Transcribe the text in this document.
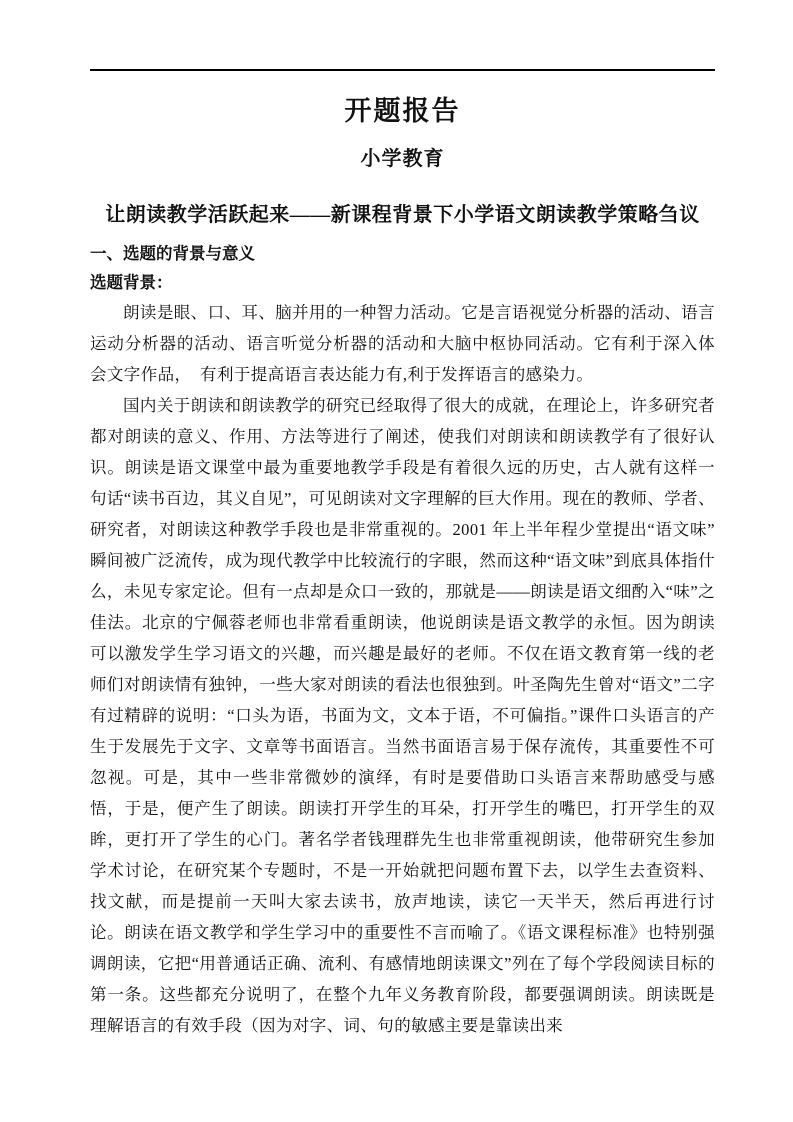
开题报告
小学教育
让朗读教学活跃起来——新课程背景下小学语文朗读教学策略刍议
一、选题的背景与意义
选题背景：

朗读是眼、口、耳、脑并用的一种智力活动。它是言语视觉分析器的活动、语言运动分析器的活动、语言听觉分析器的活动和大脑中枢协同活动。它有利于深入体会文字作品，　有利于提高语言表达能力有,利于发挥语言的感染力。

国内关于朗读和朗读教学的研究已经取得了很大的成就，在理论上，许多研究者都对朗读的意义、作用、方法等进行了阐述，使我们对朗读和朗读教学有了很好认识。朗读是语文课堂中最为重要地教学手段是有着很久远的历史，古人就有这样一句话“读书百边，其义自见”，可见朗读对文字理解的巨大作用。现在的教师、学者、研究者，对朗读这种教学手段也是非常重视的。2001 年上半年程少堂提出“语文味”瞬间被广泛流传，成为现代教学中比较流行的字眼，然而这种“语文味”到底具体指什么，未见专家定论。但有一点却是众口一致的，那就是——朗读是语文细酌入“味”之佳法。北京的宁佩蓉老师也非常看重朗读，他说朗读是语文教学的永恒。因为朗读可以激发学生学习语文的兴趣，而兴趣是最好的老师。不仅在语文教育第一线的老师们对朗读情有独钟，一些大家对朗读的看法也很独到。叶圣陶先生曾对“语文”二字有过精辟的说明：“口头为语，书面为文，文本于语，不可偏指。”课件口头语言的产生于发展先于文字、文章等书面语言。当然书面语言易于保存流传，其重要性不可忽视。可是，其中一些非常微妙的演绎，有时是要借助口头语言来帮助感受与感悟，于是，便产生了朗读。朗读打开学生的耳朵，打开学生的嘴巴，打开学生的双眸，更打开了学生的心门。著名学者钱理群先生也非常重视朗读，他带研究生参加学术讨论，在研究某个专题时，不是一开始就把问题布置下去，以学生去查资料、找文献，而是提前一天叫大家去读书，放声地读，读它一天半天，然后再进行讨论。朗读在语文教学和学生学习中的重要性不言而喻了。《语文课程标准》也特别强调朗读，它把“用普通话正确、流利、有感情地朗读课文”列在了每个学段阅读目标的第一条。这些都充分说明了，在整个九年义务教育阶段，都要强调朗读。朗读既是理解语言的有效手段（因为对字、词、句的敏感主要是靠读出来
